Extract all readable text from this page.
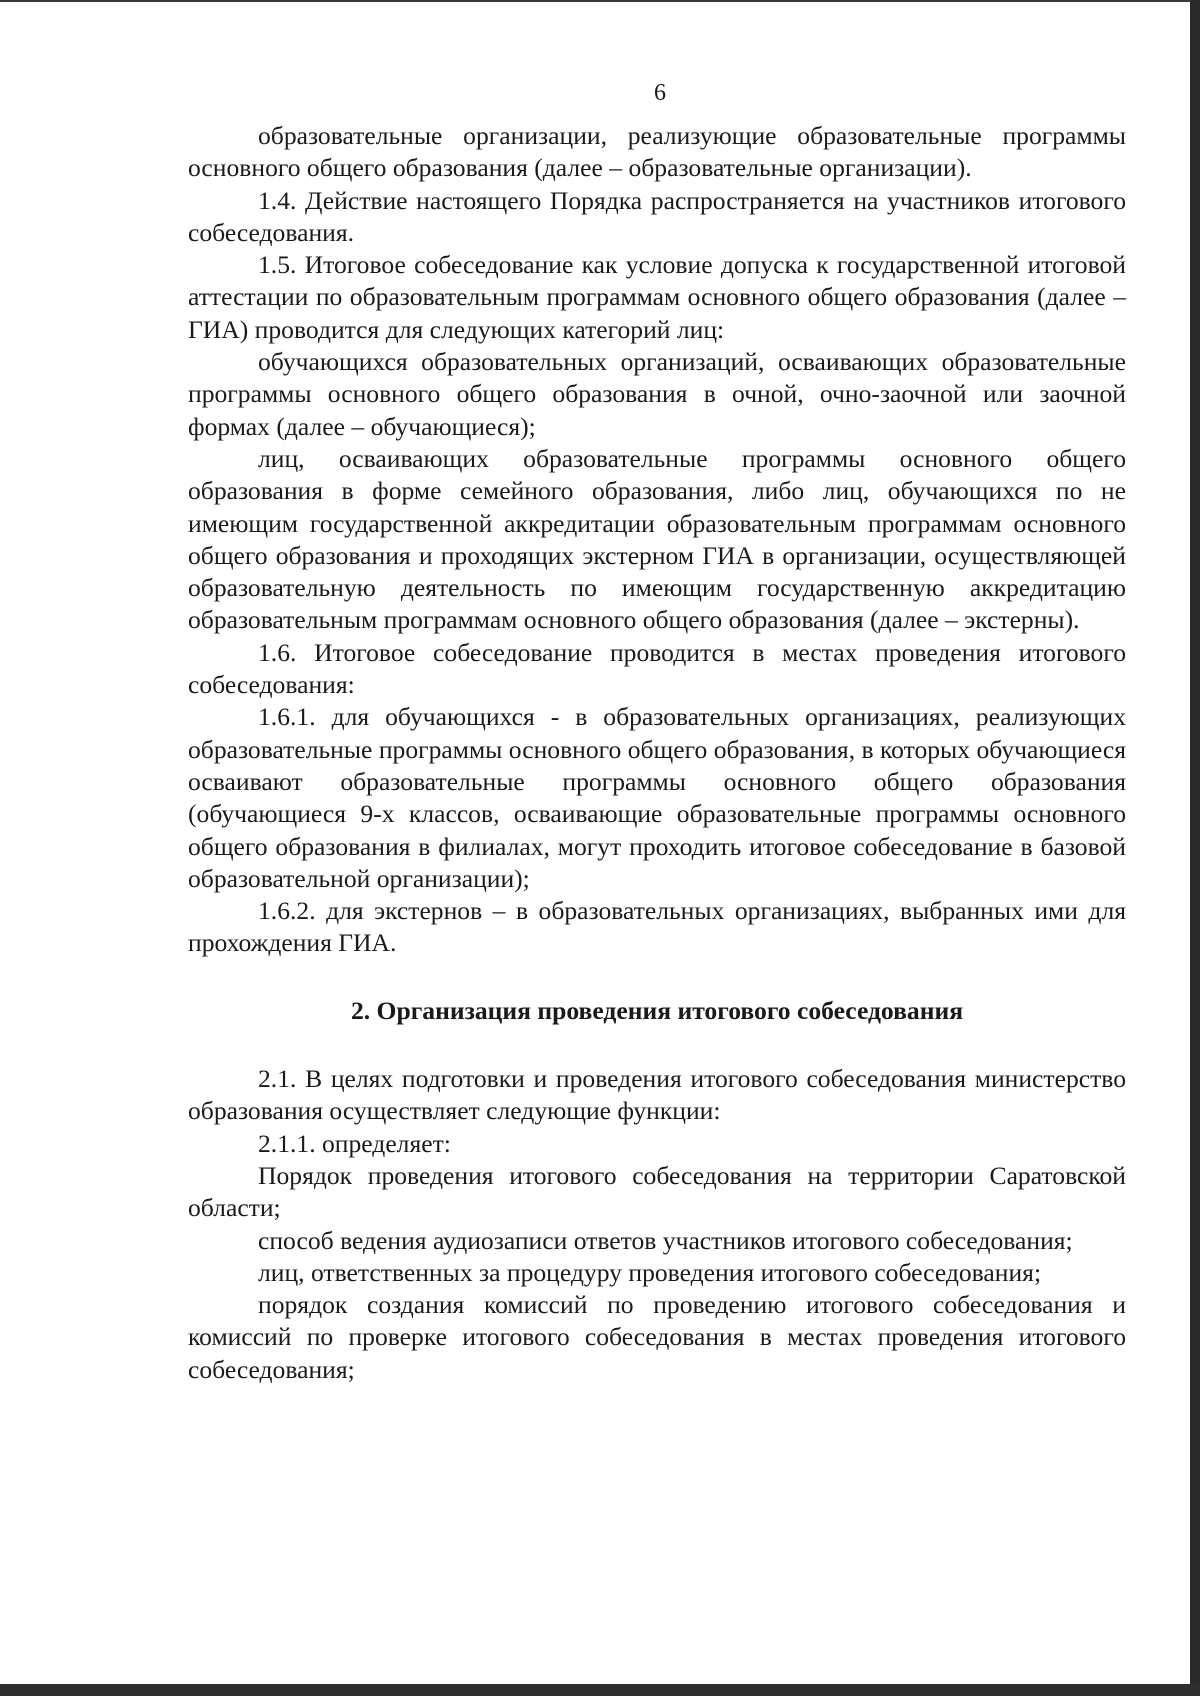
6

образовательные организации, реализующие образовательные программы основного общего образования (далее – образовательные организации).

1.4. Действие настоящего Порядка распространяется на участников итогового собеседования.

1.5. Итоговое собеседование как условие допуска к государственной итоговой аттестации по образовательным программам основного общего образования (далее – ГИА) проводится для следующих категорий лиц:

обучающихся образовательных организаций, осваивающих образовательные программы основного общего образования в очной, очно-заочной или заочной формах (далее – обучающиеся);

лиц, осваивающих образовательные программы основного общего образования в форме семейного образования, либо лиц, обучающихся по не имеющим государственной аккредитации образовательным программам основного общего образования и проходящих экстерном ГИА в организации, осуществляющей образовательную деятельность по имеющим государственную аккредитацию образовательным программам основного общего образования (далее – экстерны).

1.6. Итоговое собеседование проводится в местах проведения итогового собеседования:

1.6.1. для обучающихся - в образовательных организациях, реализующих образовательные программы основного общего образования, в которых обучающиеся осваивают образовательные программы основного общего образования (обучающиеся 9-х классов, осваивающие образовательные программы основного общего образования в филиалах, могут проходить итоговое собеседование в базовой образовательной организации);

1.6.2. для экстернов – в образовательных организациях, выбранных ими для прохождения ГИА.

2. Организация проведения итогового собеседования

2.1. В целях подготовки и проведения итогового собеседования министерство образования осуществляет следующие функции:

2.1.1. определяет:

Порядок проведения итогового собеседования на территории Саратовской области;

способ ведения аудиозаписи ответов участников итогового собеседования;

лиц, ответственных за процедуру проведения итогового собеседования;

порядок создания комиссий по проведению итогового собеседования и комиссий по проверке итогового собеседования в местах проведения итогового собеседования;
